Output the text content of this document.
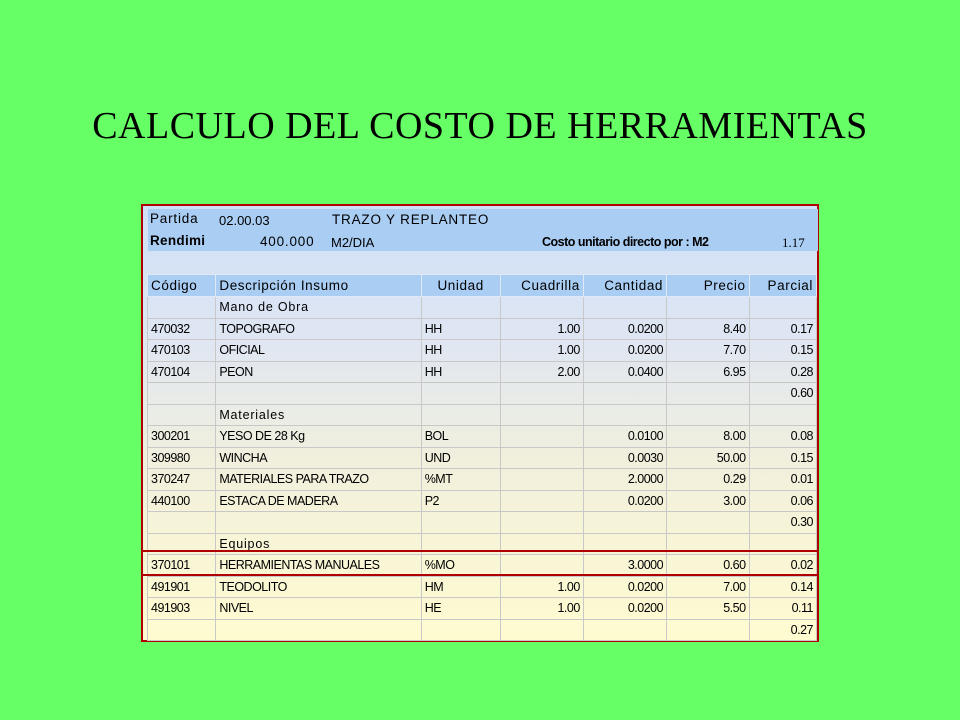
CALCULO DEL COSTO DE HERRAMIENTAS
Partida 02.00.03	TRAZO Y REPLANTEO
Rendimi	400.000 M2/DIA	Costo unitario directo por : M2	1.17
Código	Descripción Insumo	Unidad	Cuadrilla	Cantidad	Precio	Parcial
	Mano de Obra					
470032	TOPOGRAFO	HH	1.00	0.0200	8.40	0.17
470103	OFICIAL	HH	1.00	0.0200	7.70	0.15
470104	PEON	HH	2.00	0.0400	6.95	0.28
						0.60
	Materiales					
300201	YESO DE 28 Kg	BOL		0.0100	8.00	0.08
309980	WINCHA	UND		0.0030	50.00	0.15
370247	MATERIALES PARA TRAZO	%MT		2.0000	0.29	0.01
440100	ESTACA DE MADERA	P2		0.0200	3.00	0.06
						0.30
	Equipos					
370101	HERRAMIENTAS MANUALES	%MO		3.0000	0.60	0.02
491901	TEODOLITO	HM	1.00	0.0200	7.00	0.14
491903	NIVEL	HE	1.00	0.0200	5.50	0.11
						0.27
